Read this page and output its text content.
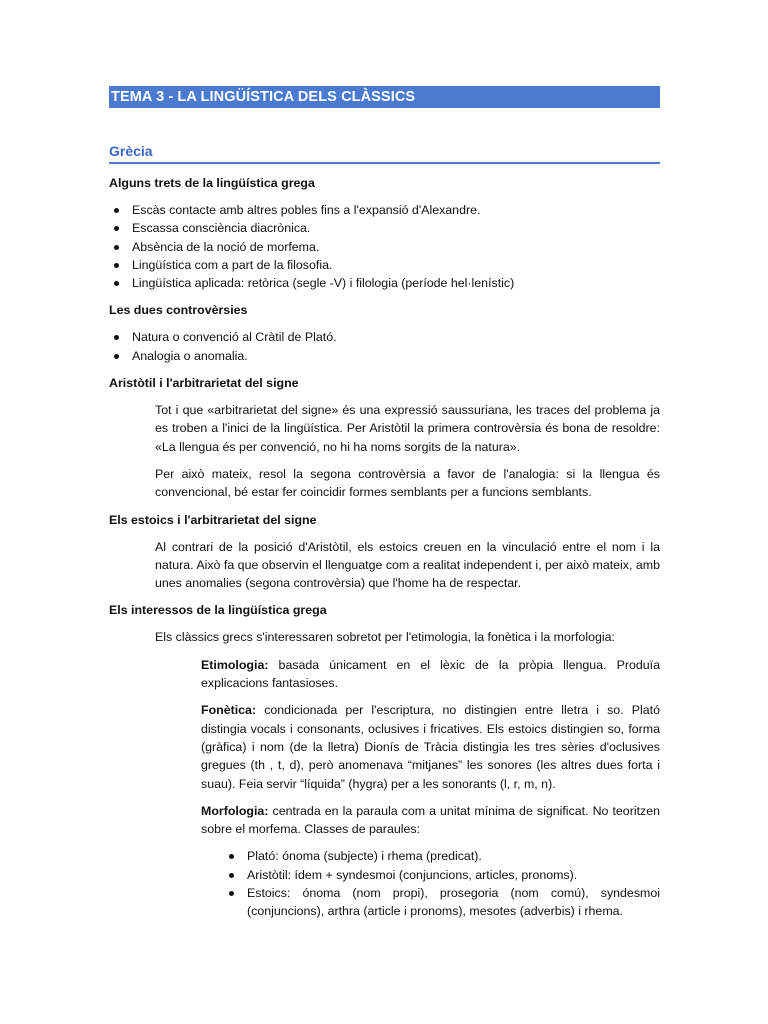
TEMA 3 - LA LINGÜÍSTICA DELS CLÀSSICS
Grècia
Alguns trets de la lingüística grega
Escàs contacte amb altres pobles fins a l'expansió d'Alexandre.
Escassa consciència diacrònica.
Absència de la noció de morfema.
Lingüística com a part de la filosofia.
Lingüística aplicada: retòrica (segle -V) i filologia (període hel·lenístic)
Les dues controvèrsies
Natura o convenció al Cràtil de Plató.
Analogia o anomalia.
Aristòtil i l'arbitrarietat del signe

Tot i que «arbitrarietat del signe» és una expressió saussuriana, les traces del problema ja es troben a l'inici de la lingüística. Per Aristòtil la primera controvèrsia és bona de resoldre: «La llengua és per convenció, no hi ha noms sorgits de la natura».

Per això mateix, resol la segona controvèrsia a favor de l'analogia: si la llengua és convencional, bé estar fer coincidir formes semblants per a funcions semblants.

Els estoics i l'arbitrarietat del signe

Al contrari de la posició d'Aristòtil, els estoics creuen en la vinculació entre el nom i la natura. Això fa que observin el llenguatge com a realitat independent i, per això mateix, amb unes anomalies (segona controvèrsia) que l'home ha de respectar.

Els interessos de la lingüística grega

Els clàssics grecs s'interessaren sobretot per l'etimologia, la fonètica i la morfologia:

Etimologia: basada únicament en el lèxic de la pròpia llengua. Produïa explicacions fantasioses.

Fonètica: condicionada per l'escriptura, no distingien entre lletra i so. Plató distingia vocals i consonants, oclusives i fricatives. Els estoics distingien so, forma (gràfica) i nom (de la lletra) Dionís de Tràcia distingia les tres sèries d'oclusives gregues (th , t, d), però anomenava “mitjanes” les sonores (les altres dues forta i suau). Feia servir “líquida” (hygra) per a les sonorants (l, r, m, n).

Morfologia: centrada en la paraula com a unitat mínima de significat. No teoritzen sobre el morfema. Classes de paraules:

Plató: ónoma (subjecte) i rhema (predicat).
Aristòtil: ídem + syndesmoi (conjuncions, articles, pronoms).
Estoics: ónoma (nom propi), prosegoria (nom comú), syndesmoi (conjuncions), arthra (article i pronoms), mesotes (adverbis) i rhema.
